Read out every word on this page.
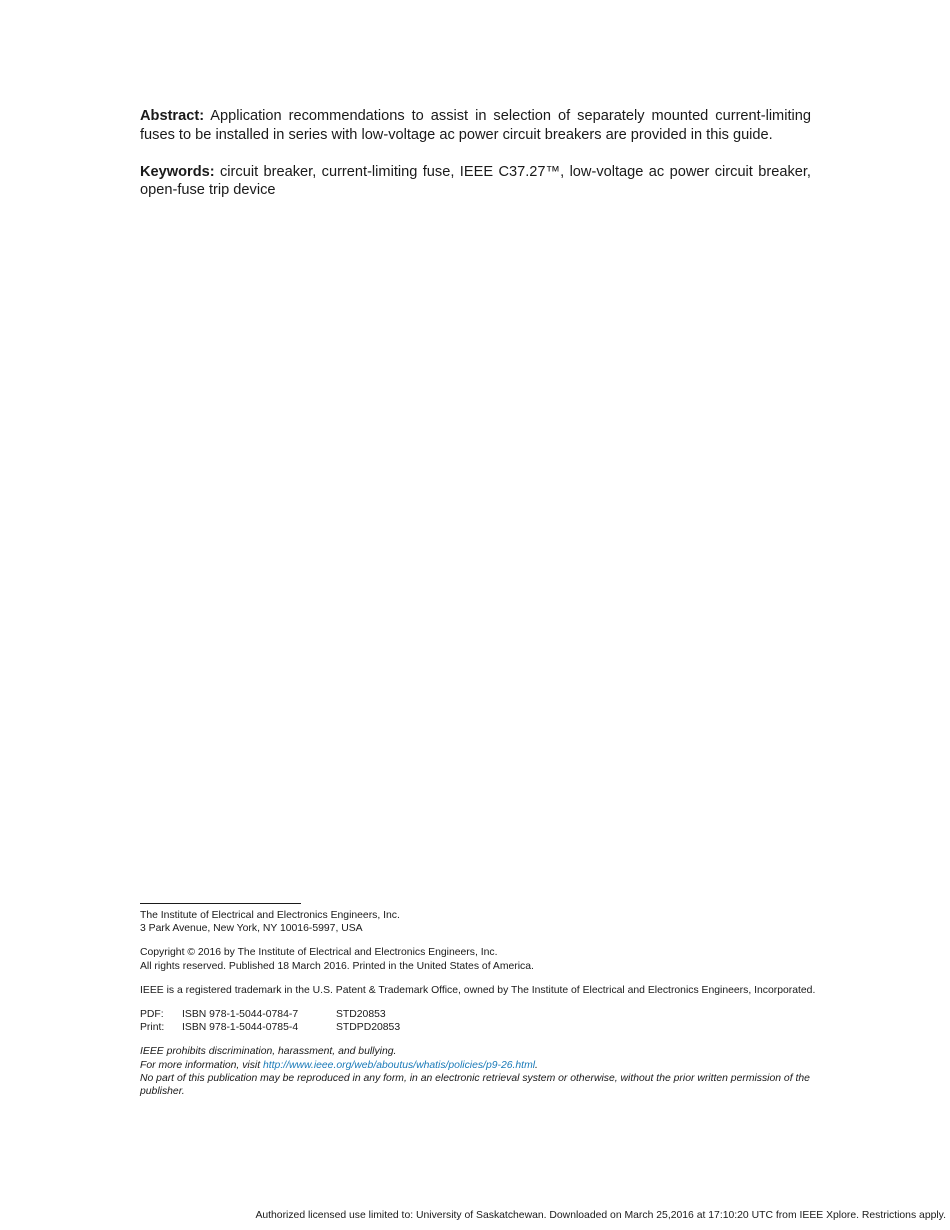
Abstract: Application recommendations to assist in selection of separately mounted current-limiting fuses to be installed in series with low-voltage ac power circuit breakers are provided in this guide.

Keywords: circuit breaker, current-limiting fuse, IEEE C37.27™, low-voltage ac power circuit breaker, open-fuse trip device

The Institute of Electrical and Electronics Engineers, Inc.

3 Park Avenue, New York, NY 10016-5997, USA

Copyright © 2016 by The Institute of Electrical and Electronics Engineers, Inc.

All rights reserved. Published 18 March 2016. Printed in the United States of America.

IEEE is a registered trademark in the U.S. Patent & Trademark Office, owned by The Institute of Electrical and Electronics Engineers, Incorporated.

PDF:	ISBN 978-1-5044-0784-7	STD20853
Print:	ISBN 978-1-5044-0785-4	STDPD20853

IEEE prohibits discrimination, harassment, and bullying.

For more information, visit http://www.ieee.org/web/aboutus/whatis/policies/p9-26.html.

No part of this publication may be reproduced in any form, in an electronic retrieval system or otherwise, without the prior written permission of the publisher.

Authorized licensed use limited to: University of Saskatchewan. Downloaded on March 25,2016 at 17:10:20 UTC from IEEE Xplore. Restrictions apply.
